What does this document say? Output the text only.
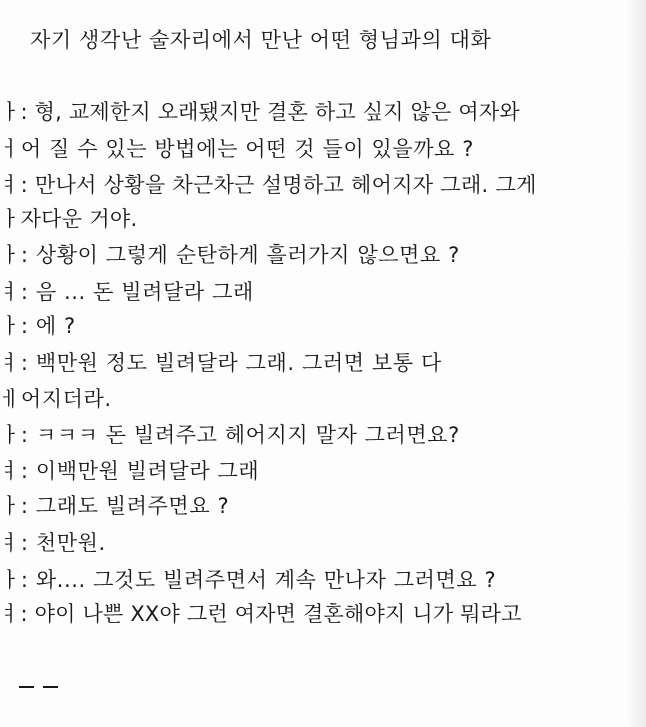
자기 생각난 술자리에서 만난 어떤 형님과의 대화
ㅏ: 형, 교제한지 오래됐지만 결혼 하고 싶지 않은 여자와
ㅓ어 질 수 있는 방법에는 어떤 것 들이 있을까요 ?
ㅕ: 만나서 상황을 차근차근 설명하고 헤어지자 그래. 그게
ㅏ자다운 거야.
ㅏ: 상황이 그렇게 순탄하게 흘러가지 않으면요 ?
ㅕ: 음 ... 돈 빌려달라 그래
ㅏ: 에 ?
ㅕ: 백만원 정도 빌려달라 그래. 그러면 보통 다
ㅔ어지더라.
ㅏ: ㅋㅋㅋ 돈 빌려주고 헤어지지 말자 그러면요?
ㅕ: 이백만원 빌려달라 그래
ㅏ: 그래도 빌려주면요 ?
ㅕ: 천만원.
ㅏ: 와.... 그것도 빌려주면서 계속 만나자 그러면요 ?
ㅕ: 야이 나쁜 XX야 그런 여자면 결혼해야지 니가 뭐라고
